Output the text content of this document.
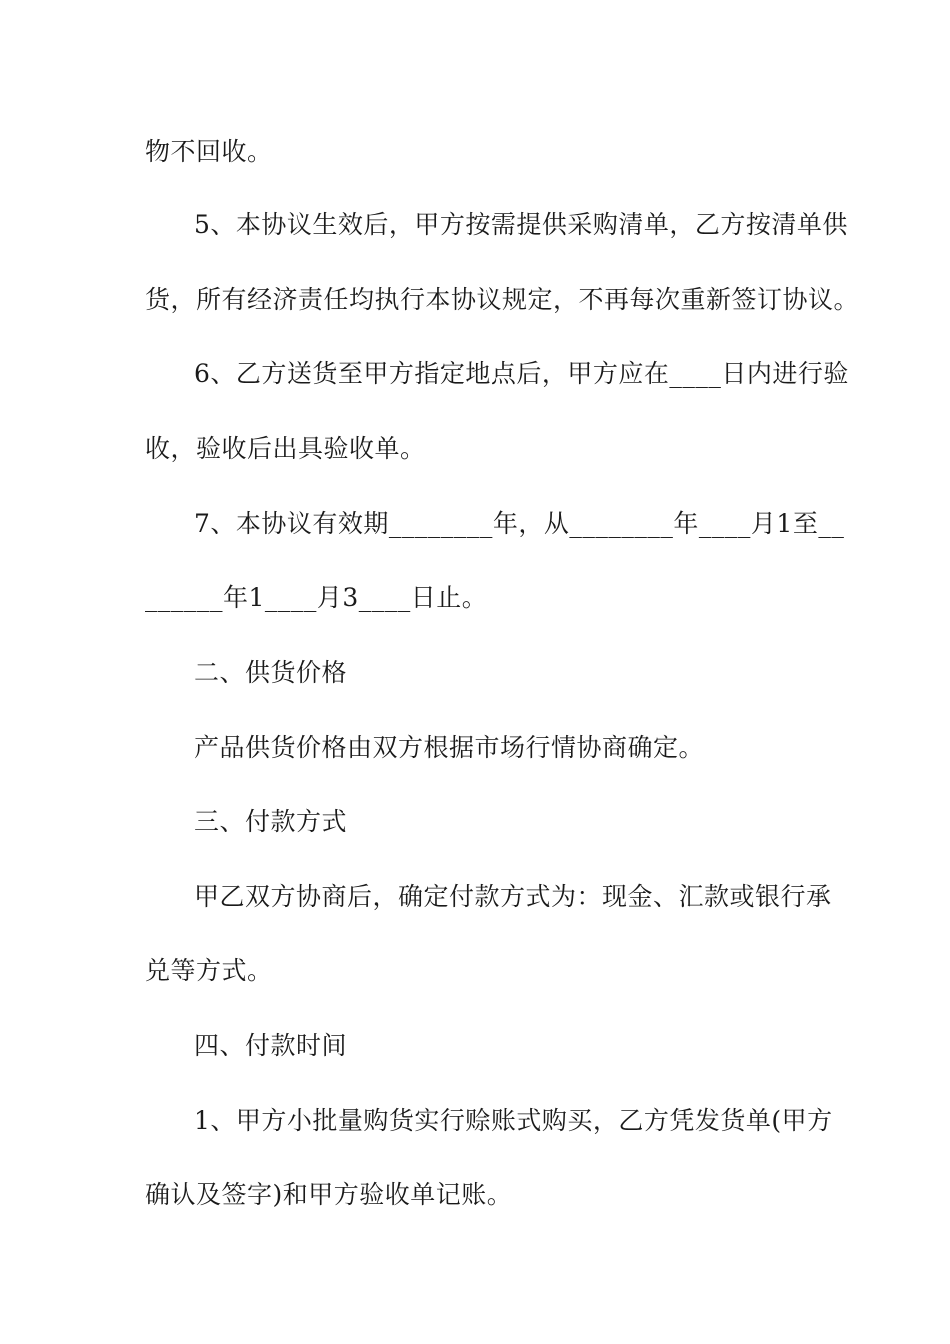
物不回收。
5、本协议生效后，甲方按需提供采购清单，乙方按清单供
货，所有经济责任均执行本协议规定，不再每次重新签订协议。
6、乙方送货至甲方指定地点后，甲方应在____日内进行验
收，验收后出具验收单。
7、本协议有效期________年，从________年____月1至__
______年1____月3____日止。
二、供货价格
产品供货价格由双方根据市场行情协商确定。
三、付款方式
甲乙双方协商后，确定付款方式为：现金、汇款或银行承
兑等方式。
四、付款时间
1、甲方小批量购货实行赊账式购买，乙方凭发货单(甲方
确认及签字)和甲方验收单记账。
